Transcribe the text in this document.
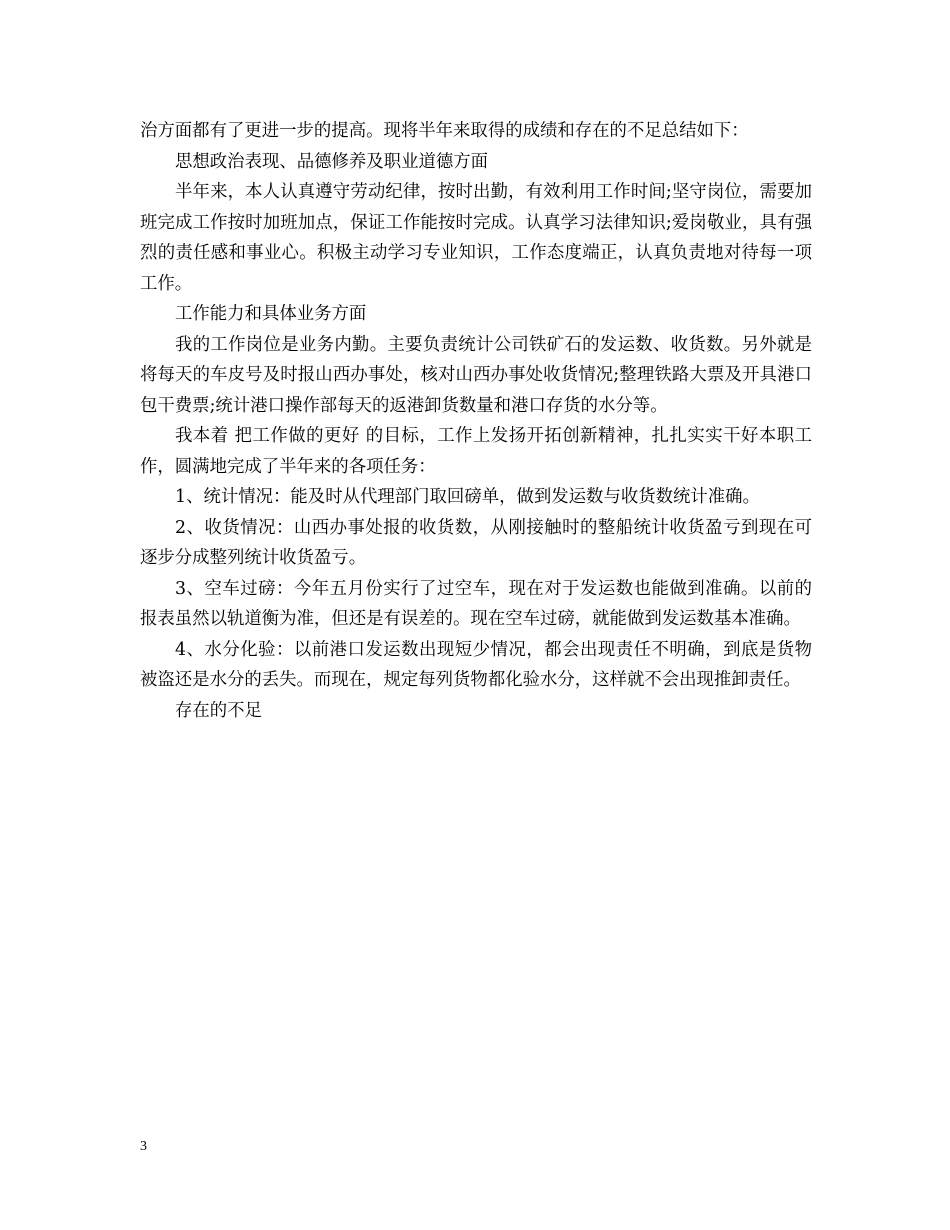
治方面都有了更进一步的提高。现将半年来取得的成绩和存在的不足总结如下：

思想政治表现、品德修养及职业道德方面

半年来，本人认真遵守劳动纪律，按时出勤，有效利用工作时间;坚守岗位，需要加班完成工作按时加班加点，保证工作能按时完成。认真学习法律知识;爱岗敬业，具有强烈的责任感和事业心。积极主动学习专业知识，工作态度端正，认真负责地对待每一项工作。

工作能力和具体业务方面

我的工作岗位是业务内勤。主要负责统计公司铁矿石的发运数、收货数。另外就是将每天的车皮号及时报山西办事处，核对山西办事处收货情况;整理铁路大票及开具港口包干费票;统计港口操作部每天的返港卸货数量和港口存货的水分等。

我本着 把工作做的更好 的目标，工作上发扬开拓创新精神，扎扎实实干好本职工作，圆满地完成了半年来的各项任务：

1、统计情况：能及时从代理部门取回磅单，做到发运数与收货数统计准确。

2、收货情况：山西办事处报的收货数，从刚接触时的整船统计收货盈亏到现在可逐步分成整列统计收货盈亏。

3、空车过磅：今年五月份实行了过空车，现在对于发运数也能做到准确。以前的报表虽然以轨道衡为准，但还是有误差的。现在空车过磅，就能做到发运数基本准确。

4、水分化验：以前港口发运数出现短少情况，都会出现责任不明确，到底是货物被盗还是水分的丢失。而现在，规定每列货物都化验水分，这样就不会出现推卸责任。

存在的不足

3
